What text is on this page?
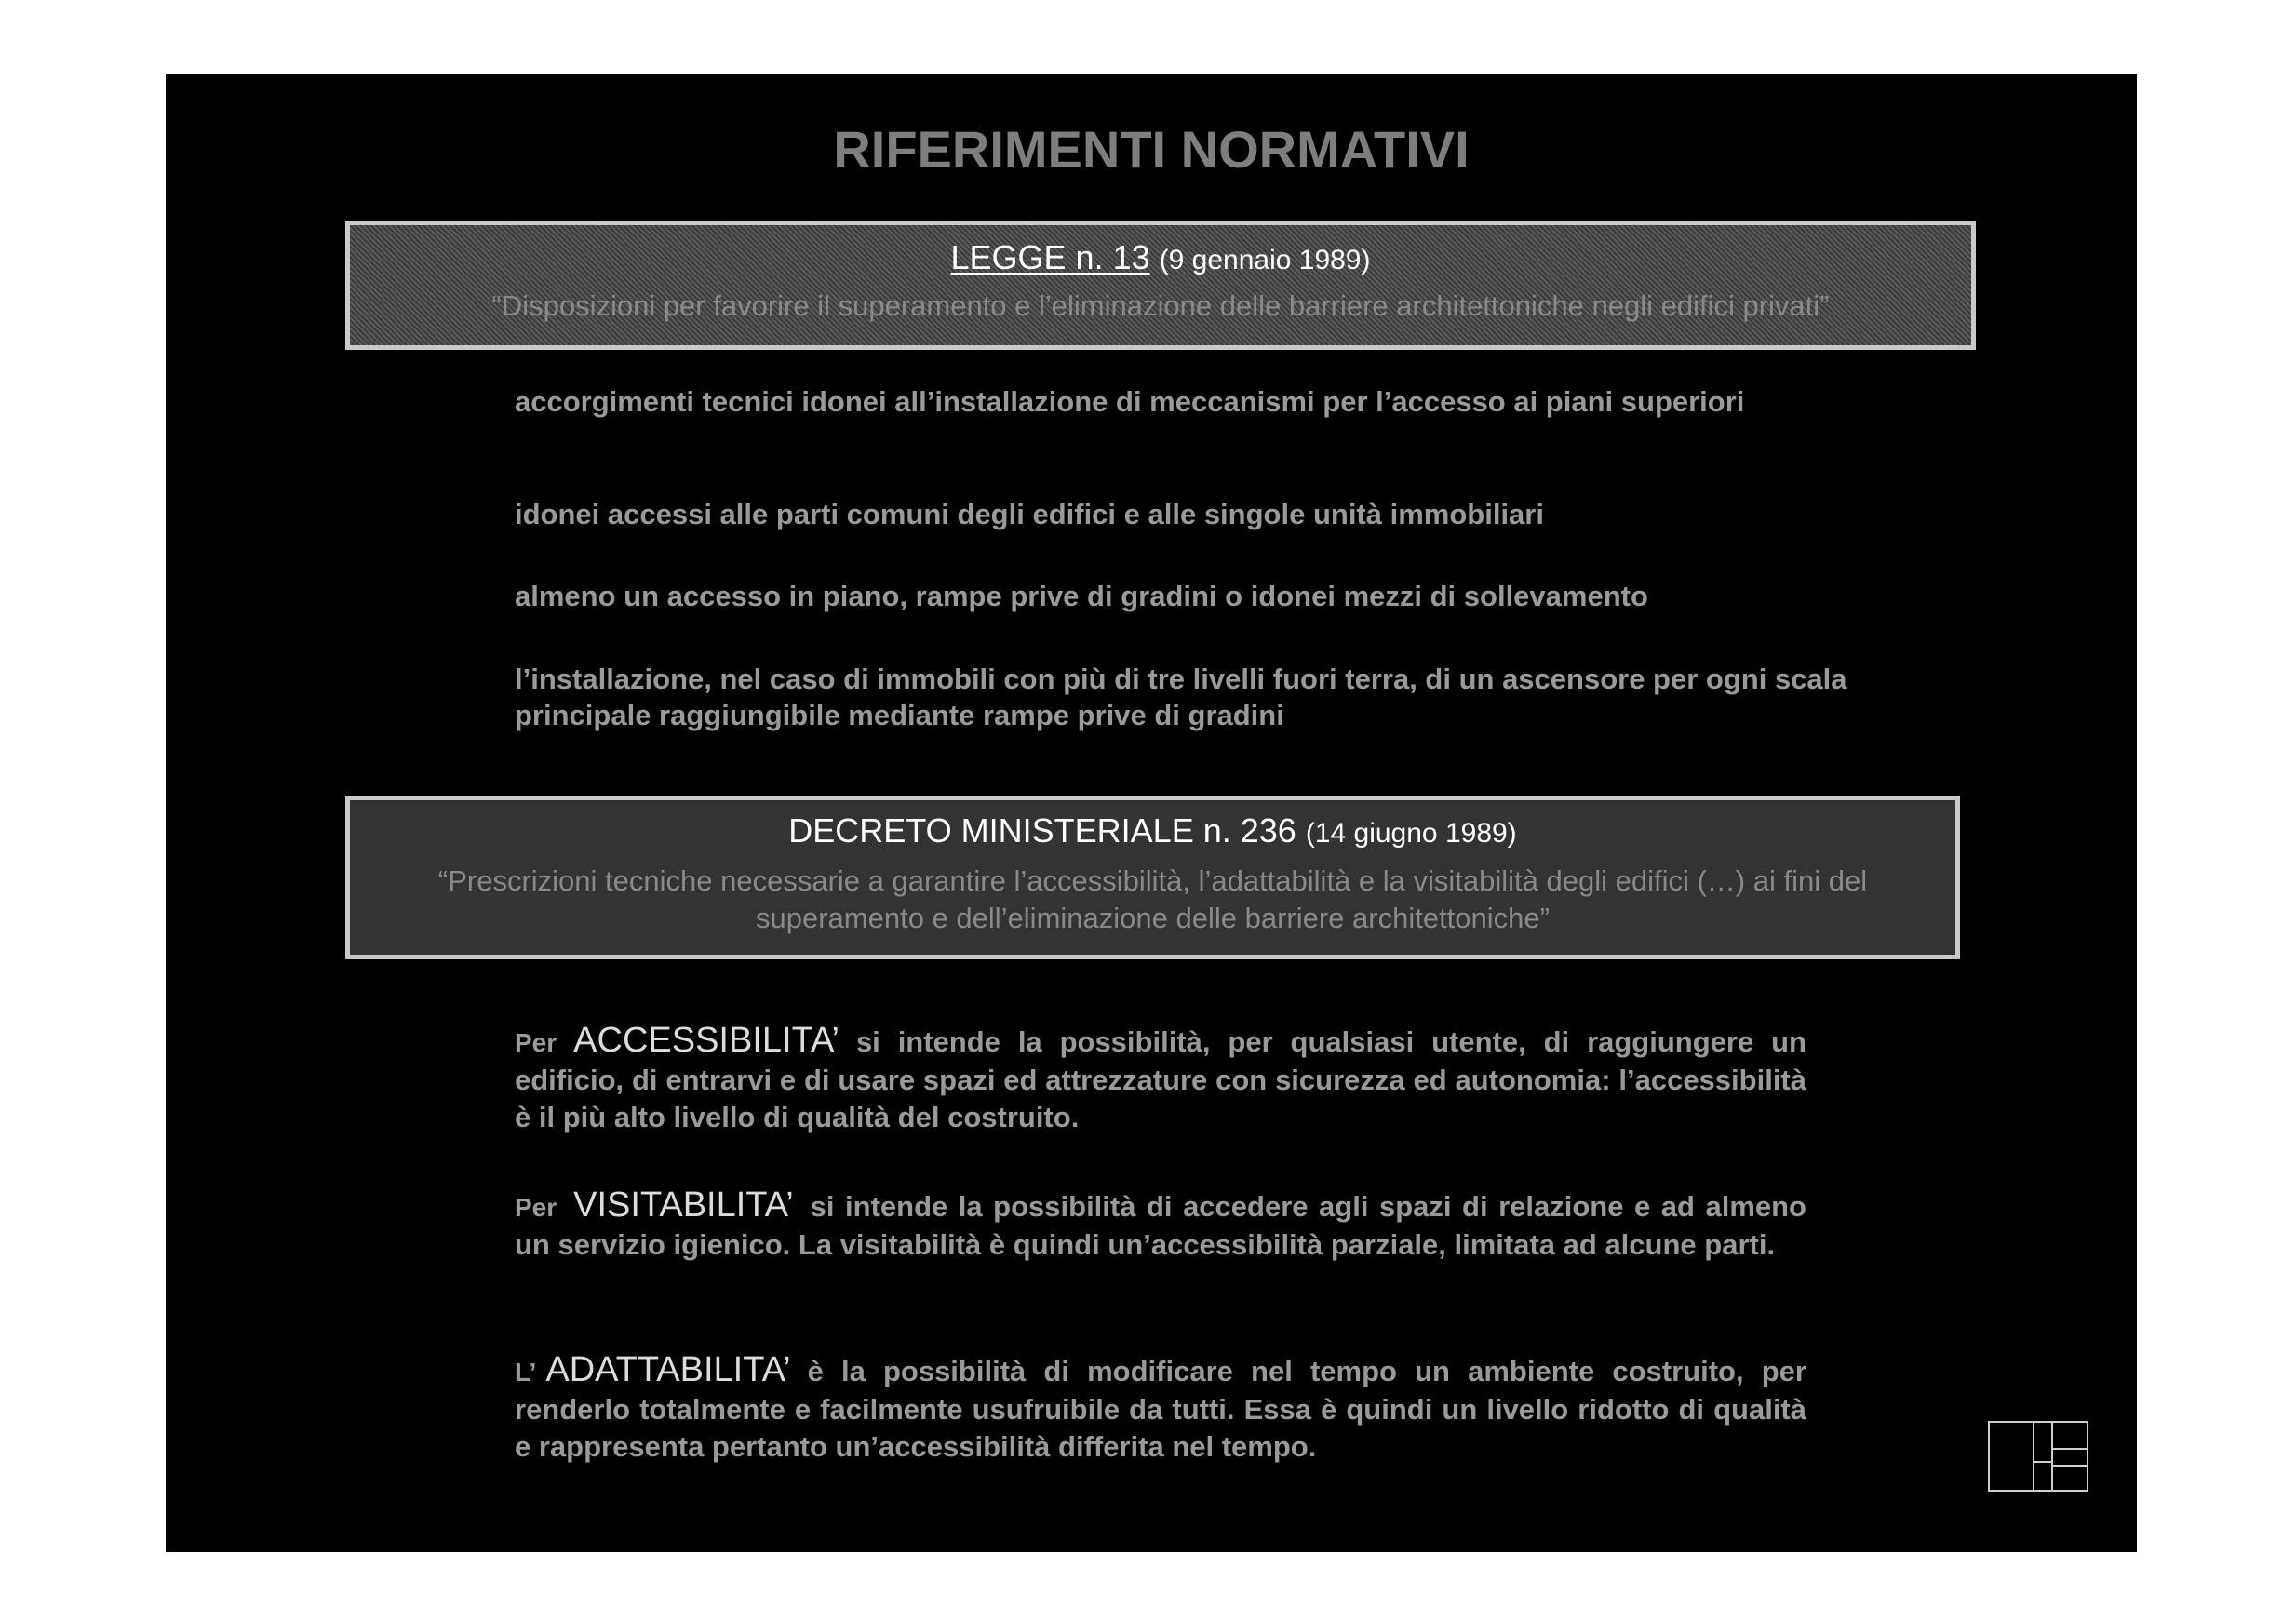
RIFERIMENTI NORMATIVI
LEGGE n. 13 (9 gennaio 1989)
“Disposizioni per favorire il superamento e l’eliminazione delle barriere architettoniche negli edifici privati”
accorgimenti tecnici idonei all’installazione di meccanismi per l’accesso ai piani superiori
idonei accessi alle parti comuni degli edifici e alle singole unità immobiliari
almeno un accesso in piano, rampe prive di gradini o idonei mezzi di sollevamento
l’installazione, nel caso di immobili con più di tre livelli fuori terra, di un ascensore per ogni scala principale raggiungibile mediante rampe prive di gradini
DECRETO MINISTERIALE n. 236 (14 giugno 1989)
“Prescrizioni tecniche necessarie a garantire l’accessibilità, l’adattabilità e la visitabilità degli edifici (…) ai fini del superamento e dell’eliminazione delle barriere architettoniche”
Per ACCESSIBILITA’ si intende la possibilità, per qualsiasi utente, di raggiungere un edificio, di entrarvi e di usare spazi ed attrezzature con sicurezza ed autonomia: l’accessibilità è il più alto livello di qualità del costruito.
Per VISITABILITA’ si intende la possibilità di accedere agli spazi di relazione e ad almeno un servizio igienico. La visitabilità è quindi un’accessibilità parziale, limitata ad alcune parti.
L’ ADATTABILITA’ è la possibilità di modificare nel tempo un ambiente costruito, per renderlo totalmente e facilmente usufruibile da tutti. Essa è quindi un livello ridotto di qualità e rappresenta pertanto un’accessibilità differita nel tempo.
